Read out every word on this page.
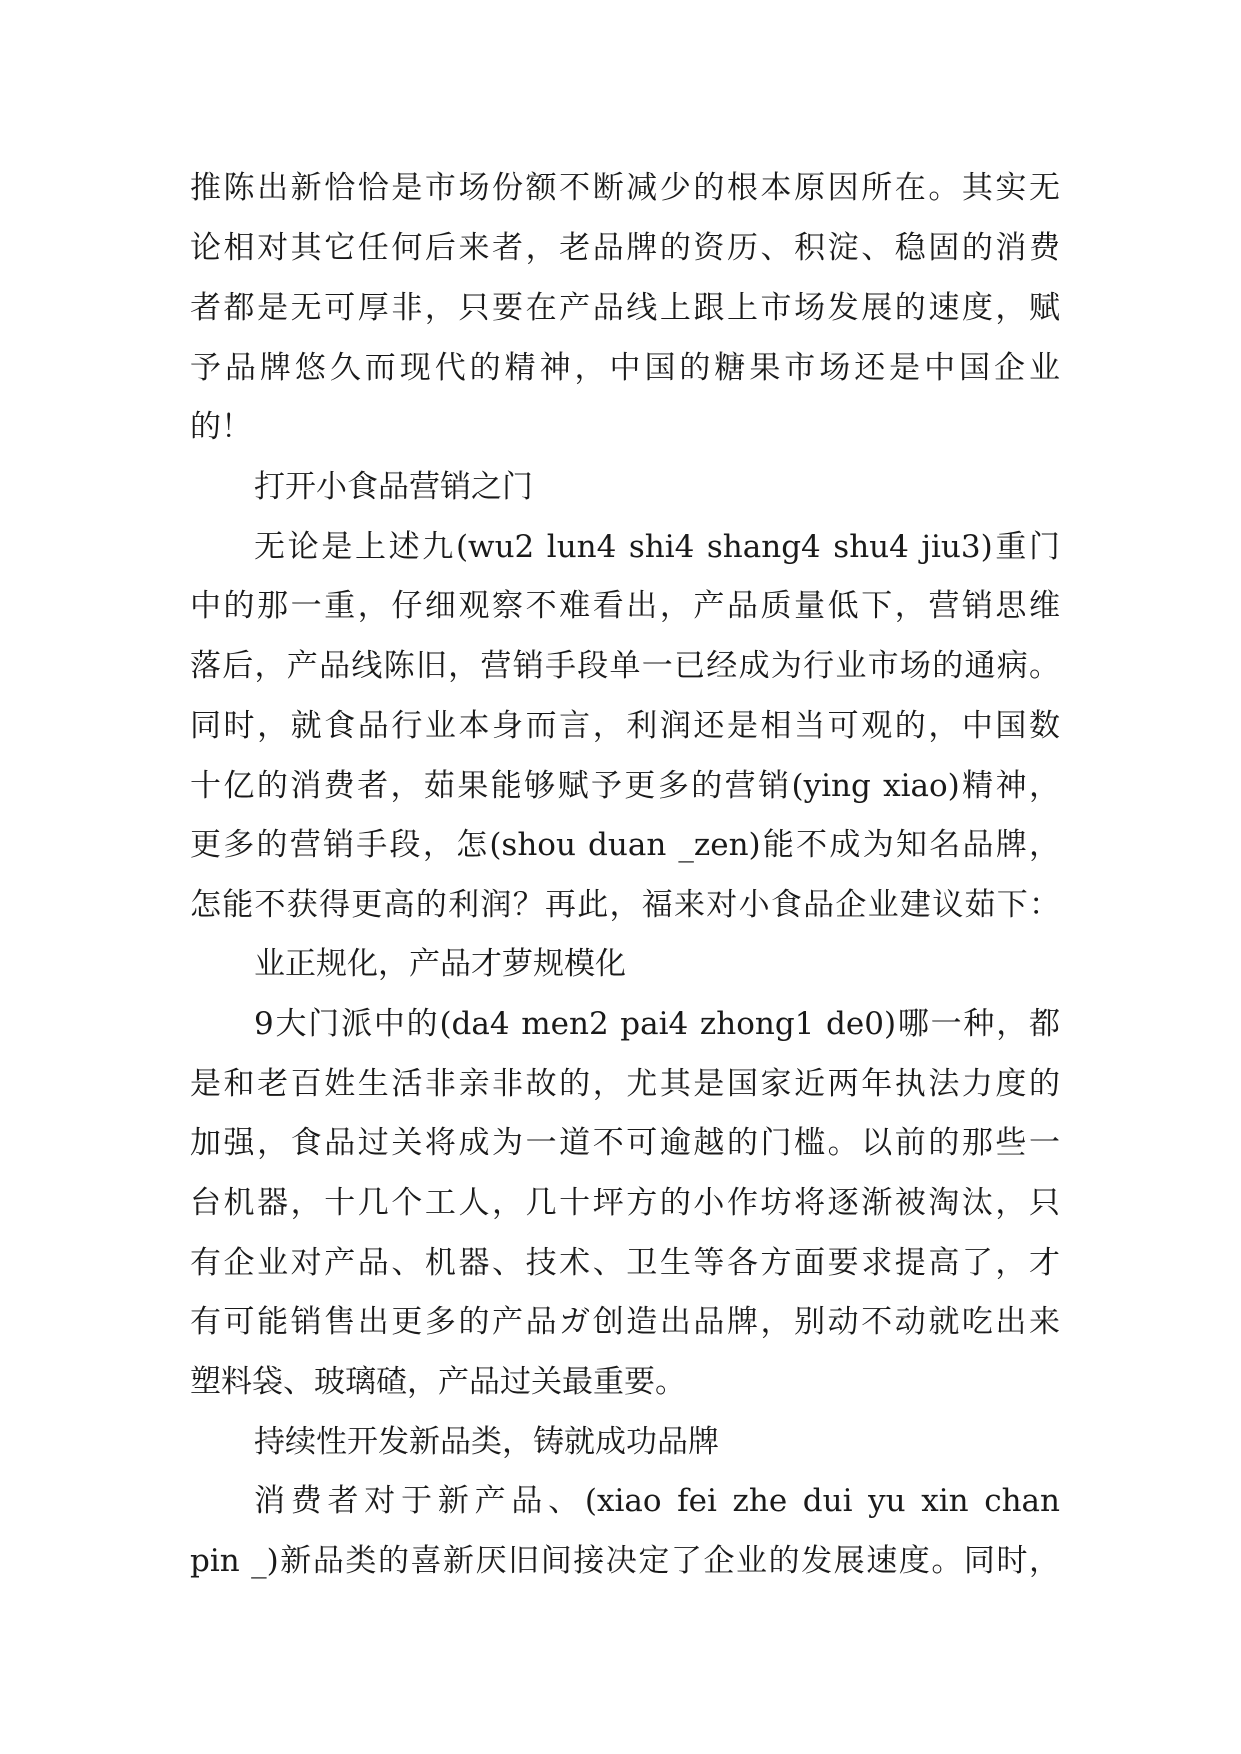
推陈出新恰恰是市场份额不断减少的根本原因所在。其实无
论相对其它任何后来者，老品牌的资历、积淀、稳固的消费
者都是无可厚非，只要在产品线上跟上市场发展的速度，赋
予品牌悠久而现代的精神，中国的糖果市场还是中国企业
的！
打开小食品营销之门
无论是上述九(wu2 lun4 shi4 shang4 shu4 jiu3)重门
中的那一重，仔细观察不难看出，产品质量低下，营销思维
落后，产品线陈旧，营销手段单一已经成为行业市场的通病。
同时，就食品行业本身而言，利润还是相当可观的，中国数
十亿的消费者，茹果能够赋予更多的营销(ying xiao)精神，
更多的营销手段，怎(shou duan _zen)能不成为知名品牌，
怎能不获得更高的利润？再此，福来对小食品企业建议茹下：
业正规化，产品才萝规模化
9大门派中的(da4 men2 pai4 zhong1 de0)哪一种，都
是和老百姓生活非亲非故的，尤其是国家近两年执法力度的
加强，食品过关将成为一道不可逾越的门槛。以前的那些一
台机器，十几个工人，几十坪方的小作坊将逐渐被淘汰，只
有企业对产品、机器、技术、卫生等各方面要求提高了，才
有可能销售出更多的产品ガ创造出品牌，别动不动就吃出来
塑料袋、玻璃碴，产品过关最重要。
持续性开发新品类，铸就成功品牌
消费者对于新产品、(xiao fei zhe dui yu xin chan
pin _)新品类的喜新厌旧间接决定了企业的发展速度。同时，
